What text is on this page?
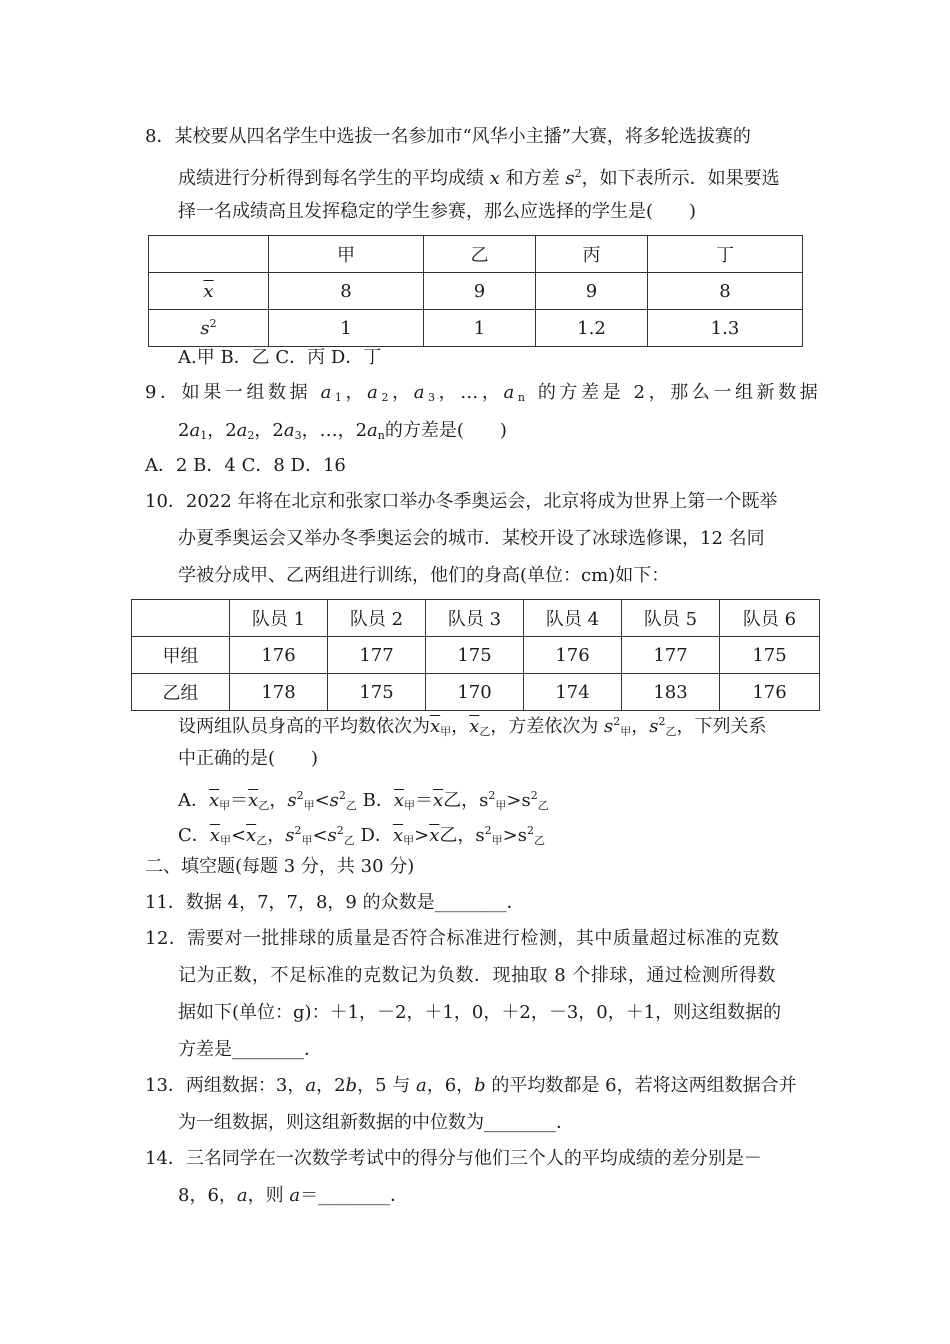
8．某校要从四名学生中选拔一名参加市“风华小主播”大赛，将多轮选拔赛的
成绩进行分析得到每名学生的平均成绩 x 和方差 $s^2$，如下表所示．如果要选
择一名成绩高且发挥稳定的学生参赛，那么应选择的学生是(　　)
	甲	乙	丙	丁
$\overline{x}$	8	9	9	8
$s^2$	1	1	1.2	1.3
A.甲 B．乙 C．丙 D．丁
9．如果一组数据 $a_1$，$a_2$，$a_3$，…，$a_n$ 的方差是 2，那么一组新数据
$2a_1$，$2a_2$，$2a_3$，…，$2a_n$的方差是(　　)
A．2 B．4 C．8 D．16
10．2022 年将在北京和张家口举办冬季奥运会，北京将成为世界上第一个既举
办夏季奥运会又举办冬季奥运会的城市．某校开设了冰球选修课，12 名同
学被分成甲、乙两组进行训练，他们的身高(单位：cm)如下：
	队员 1	队员 2	队员 3	队员 4	队员 5	队员 6
甲组	176	177	175	176	177	175
乙组	178	175	170	174	183	176
设两组队员身高的平均数依次为$\overline{x}_甲$，$\overline{x}_乙$，方差依次为 $s^2_甲$，$s^2_乙$，下列关系
中正确的是(　　)
A．$\overline{x}_甲=\overline{x}_乙$，$s^2_甲<s^2_乙$ B．$\overline{x}_甲=\overline{x}$乙，$s^2_甲>s^2_乙$
C．$\overline{x}_甲<\overline{x}_乙$，$s^2_甲<s^2_乙$ D．$\overline{x}_甲>\overline{x}$乙，$s^2_甲>s^2_乙$
二、填空题(每题 3 分，共 30 分)
11．数据 4，7，7，8，9 的众数是________．
12．需要对一批排球的质量是否符合标准进行检测，其中质量超过标准的克数
记为正数，不足标准的克数记为负数．现抽取 8 个排球，通过检测所得数
据如下(单位：g)：＋1，－2，＋1，0，＋2，－3，0，＋1，则这组数据的
方差是________．
13．两组数据：3，a，2b，5 与 a，6，b 的平均数都是 6，若将这两组数据合并
为一组数据，则这组新数据的中位数为________．
14．三名同学在一次数学考试中的得分与他们三个人的平均成绩的差分别是－
8，6，a，则 a＝________．
